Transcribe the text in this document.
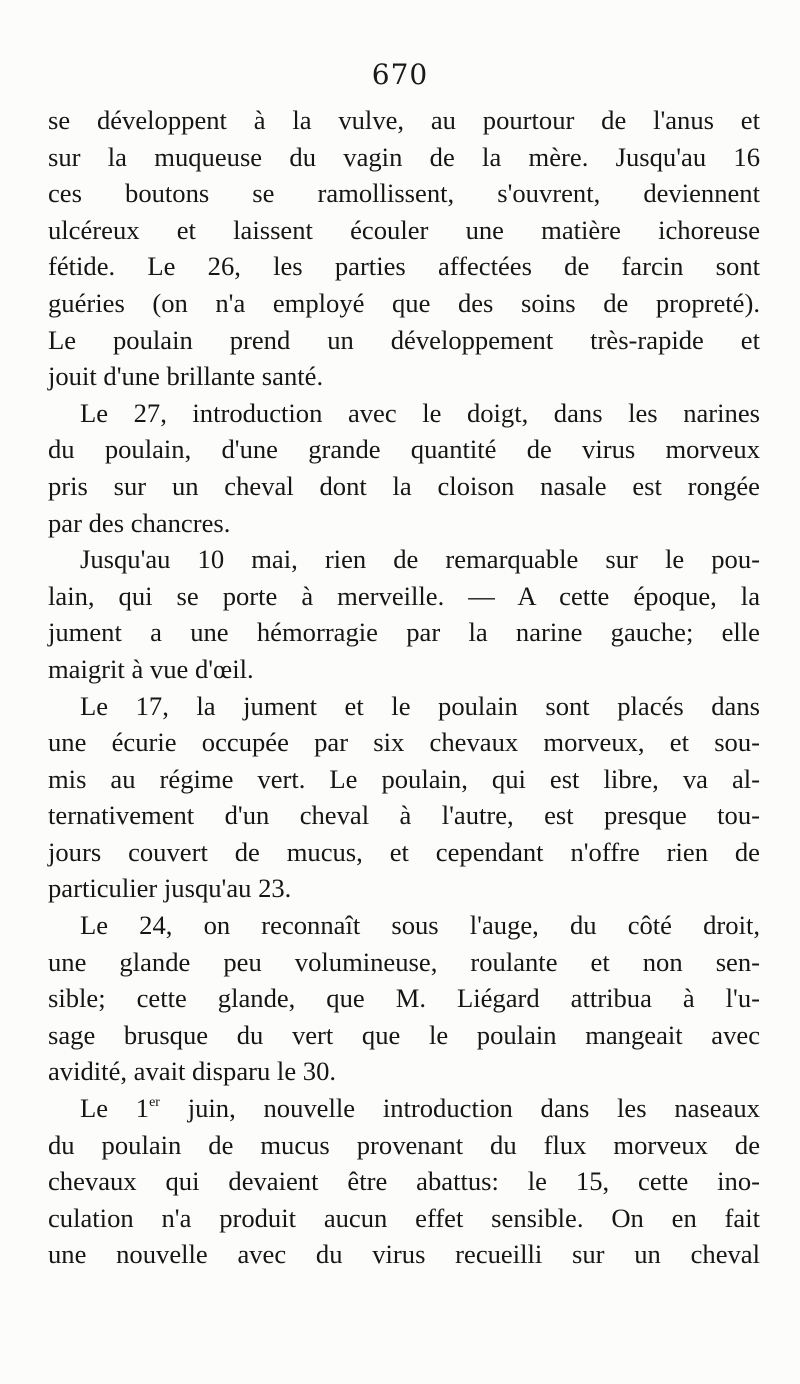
670
se développent à la vulve, au pourtour de l'anus et
sur la muqueuse du vagin de la mère. Jusqu'au 16
ces boutons se ramollissent, s'ouvrent, deviennent
ulcéreux et laissent écouler une matière ichoreuse
fétide. Le 26, les parties affectées de farcin sont
guéries (on n'a employé que des soins de propreté).
Le poulain prend un développement très-rapide et
jouit d'une brillante santé.
Le 27, introduction avec le doigt, dans les narines
du poulain, d'une grande quantité de virus morveux
pris sur un cheval dont la cloison nasale est rongée
par des chancres.
Jusqu'au 10 mai, rien de remarquable sur le pou-
lain, qui se porte à merveille. — A cette époque, la
jument a une hémorragie par la narine gauche; elle
maigrit à vue d'œil.
Le 17, la jument et le poulain sont placés dans
une écurie occupée par six chevaux morveux, et sou-
mis au régime vert. Le poulain, qui est libre, va al-
ternativement d'un cheval à l'autre, est presque tou-
jours couvert de mucus, et cependant n'offre rien de
particulier jusqu'au 23.
Le 24, on reconnaît sous l'auge, du côté droit,
une glande peu volumineuse, roulante et non sen-
sible; cette glande, que M. Liégard attribua à l'u-
sage brusque du vert que le poulain mangeait avec
avidité, avait disparu le 30.
Le 1er juin, nouvelle introduction dans les naseaux
du poulain de mucus provenant du flux morveux de
chevaux qui devaient être abattus: le 15, cette ino-
culation n'a produit aucun effet sensible. On en fait
une nouvelle avec du virus recueilli sur un cheval
